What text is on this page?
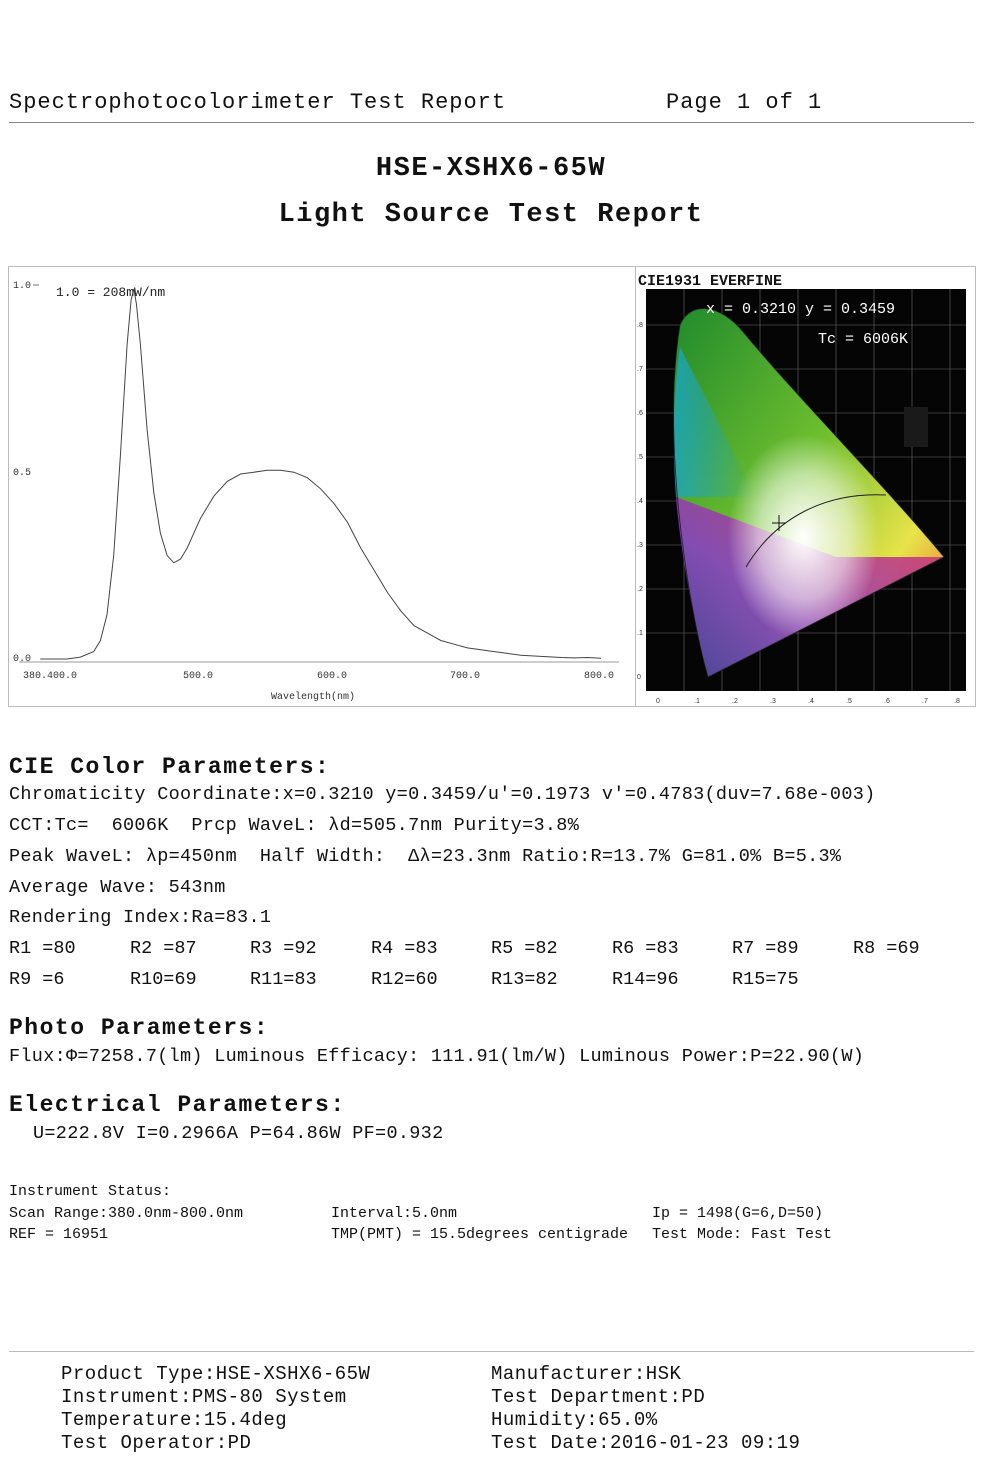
Spectrophotocolorimeter Test Report	Page 1 of 1
HSE-XSHX6-65W
Light Source Test Report
1.0
0.5
0.0
1.0 = 208mW/nm
380.400.0	500.0	600.0	700.0	800.0
Wavelength(nm)
CIE1931 EVERFINE
x = 0.3210 y = 0.3459
Tc = 6006K
0	.1	.2	.3	.4	.5	.6	.7	.8
.8
.7
.6
.5
.4
.3
.2
.1
0
CIE Color Parameters:
Chromaticity Coordinate:x=0.3210 y=0.3459/u'=0.1973 v'=0.4783(duv=7.68e-003)
CCT:Tc=  6006K  Prcp WaveL: λd=505.7nm Purity=3.8%
Peak WaveL: λp=450nm  Half Width:  Δλ=23.3nm Ratio:R=13.7% G=81.0% B=5.3%
Average Wave: 543nm
Rendering Index:Ra=83.1
R1 =80	R2 =87	R3 =92	R4 =83	R5 =82	R6 =83	R7 =89	R8 =69
R9 =6	R10=69	R11=83	R12=60	R13=82	R14=96	R15=75
Photo Parameters:
Flux:Φ=7258.7(lm) Luminous Efficacy: 111.91(lm/W) Luminous Power:P=22.90(W)
Electrical Parameters:
U=222.8V I=0.2966A P=64.86W PF=0.932
Instrument Status:
Scan Range:380.0nm-800.0nm	Interval:5.0nm	Ip = 1498(G=6,D=50)
REF = 16951	TMP(PMT) = 15.5degrees centigrade Test Mode: Fast Test
Product Type:HSE-XSHX6-65W	Manufacturer:HSK
Instrument:PMS-80 System	Test Department:PD
Temperature:15.4deg	Humidity:65.0%
Test Operator:PD	Test Date:2016-01-23 09:19
